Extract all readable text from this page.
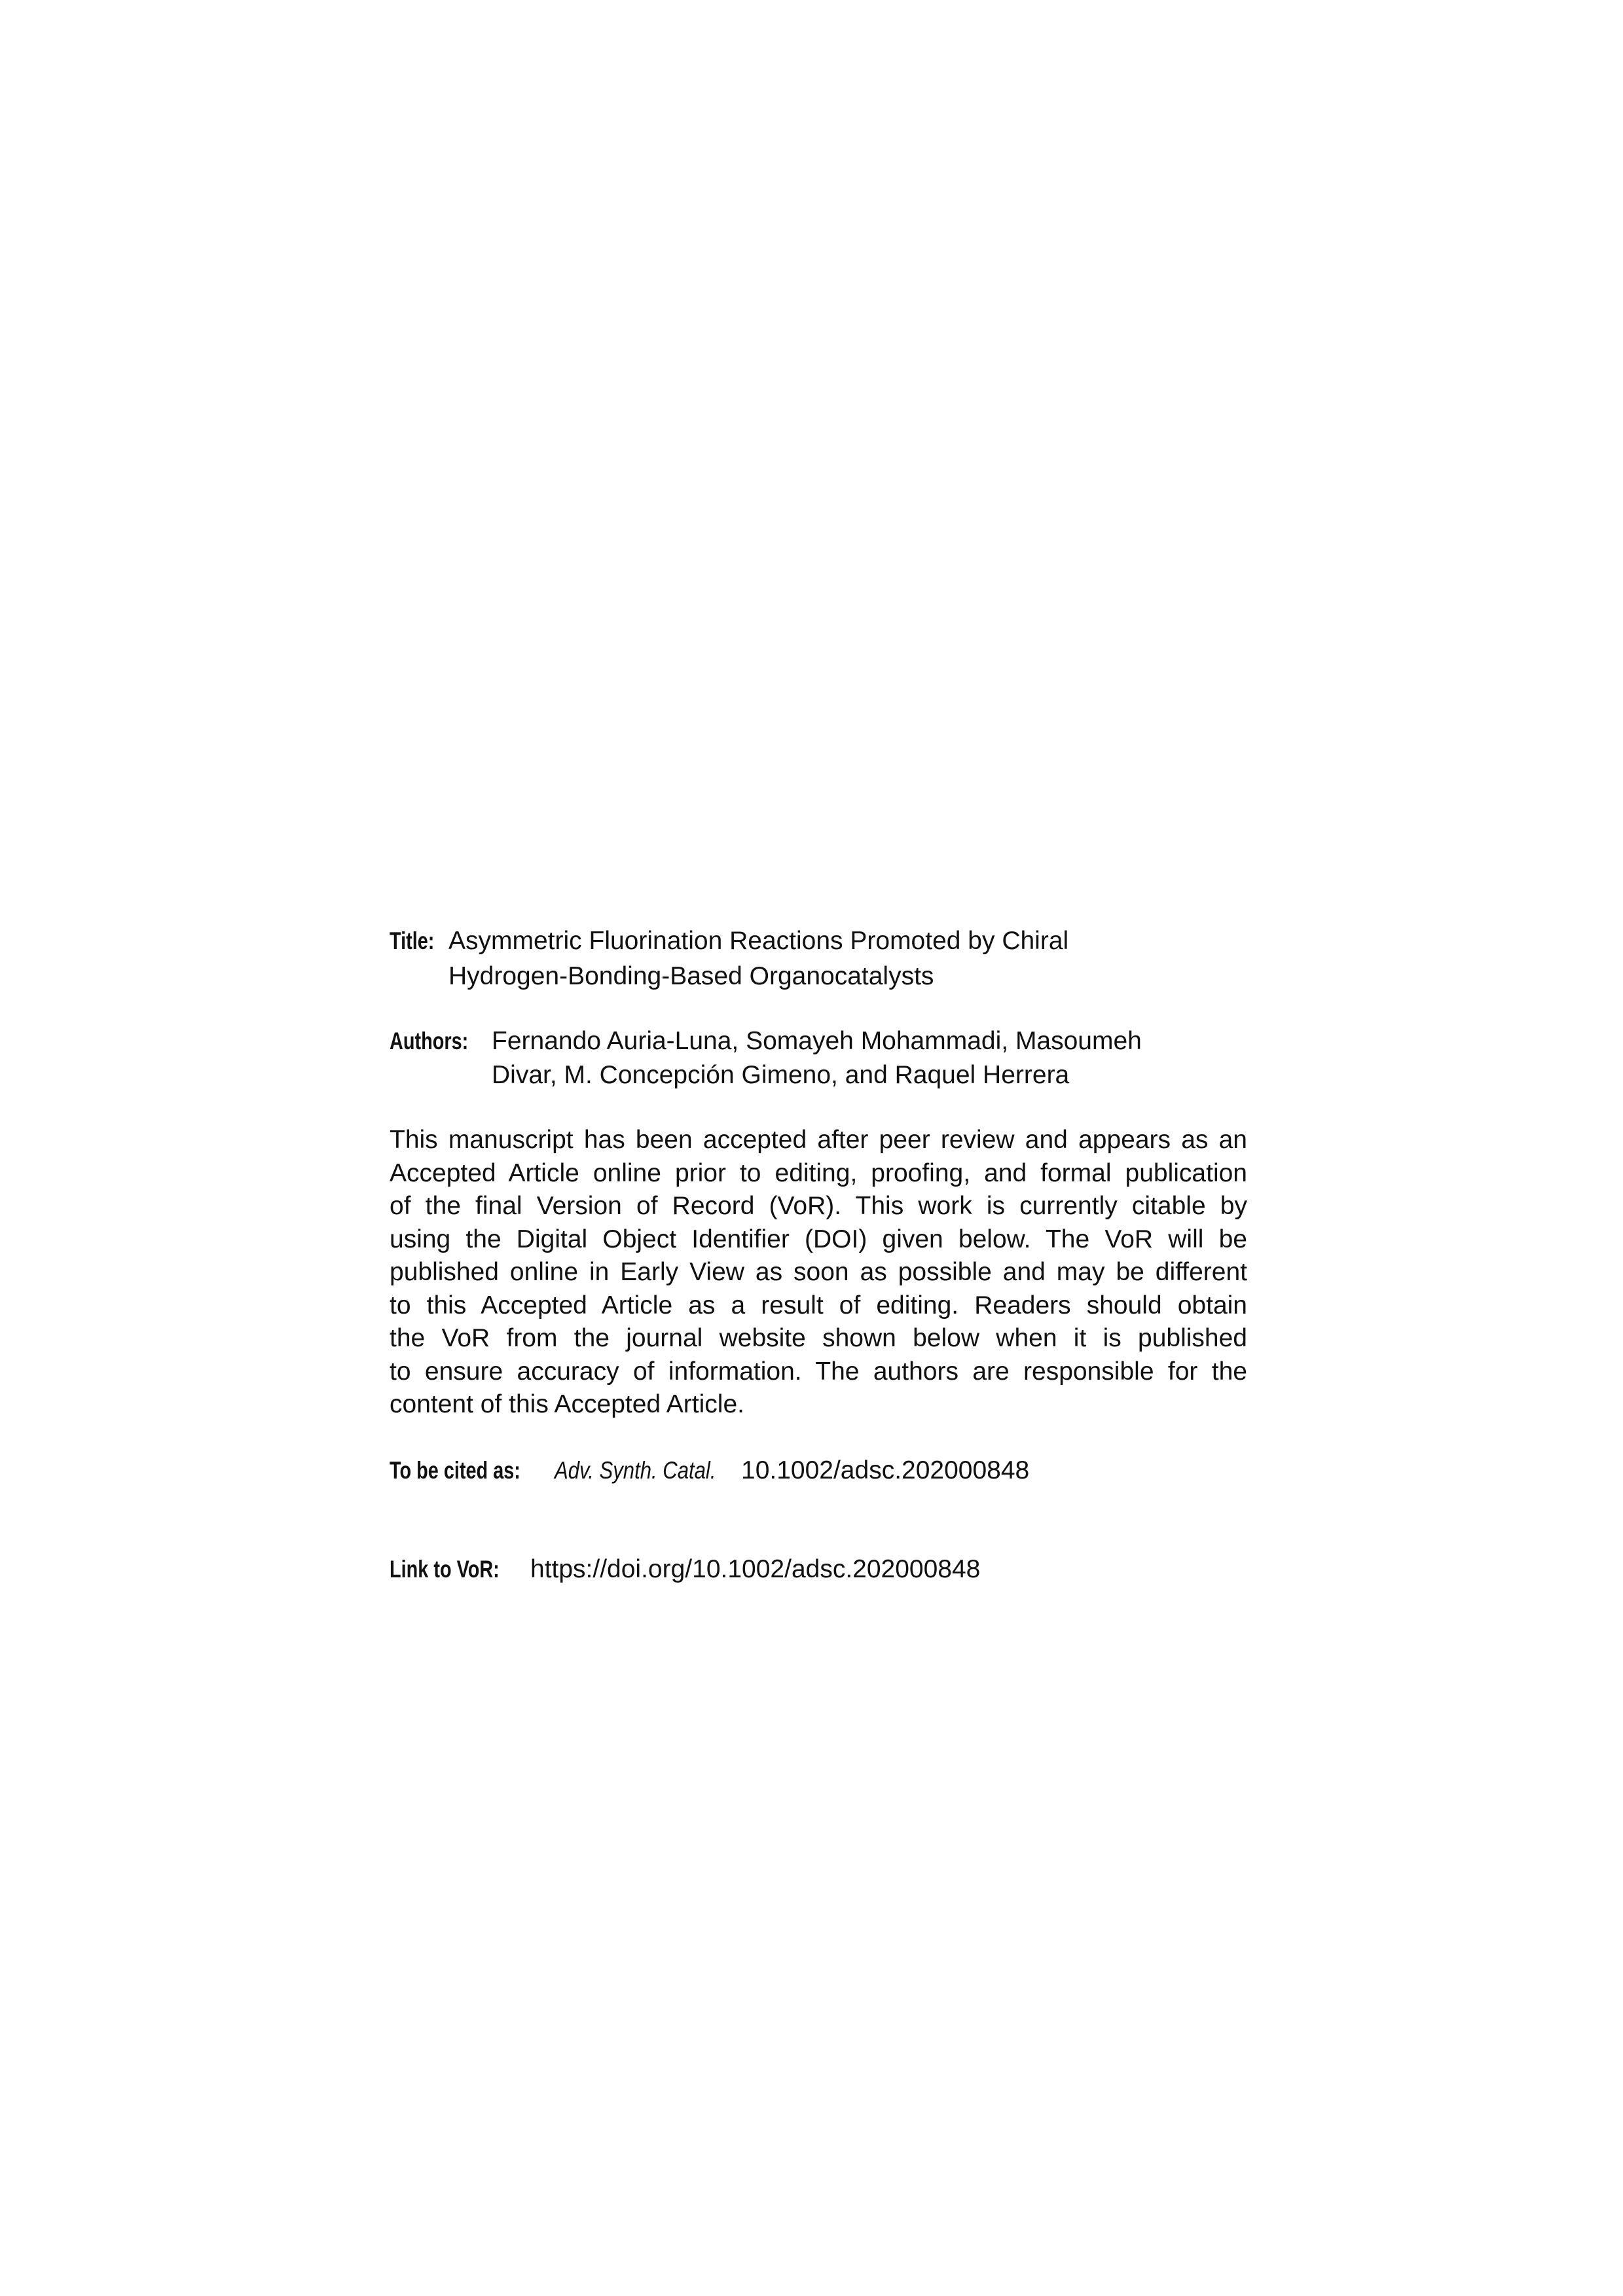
Title: Asymmetric Fluorination Reactions Promoted by Chiral
Hydrogen-Bonding-Based Organocatalysts
Authors: Fernando Auria-Luna, Somayeh Mohammadi, Masoumeh
Divar, M. Concepción Gimeno, and Raquel Herrera
This manuscript has been accepted after peer review and appears as an
Accepted Article online prior to editing, proofing, and formal publication
of the final Version of Record (VoR). This work is currently citable by
using the Digital Object Identifier (DOI) given below. The VoR will be
published online in Early View as soon as possible and may be different
to this Accepted Article as a result of editing. Readers should obtain
the VoR from the journal website shown below when it is published
to ensure accuracy of information. The authors are responsible for the
content of this Accepted Article.
To be cited as: Adv. Synth. Catal. 10.1002/adsc.202000848
Link to VoR: https://doi.org/10.1002/adsc.202000848
